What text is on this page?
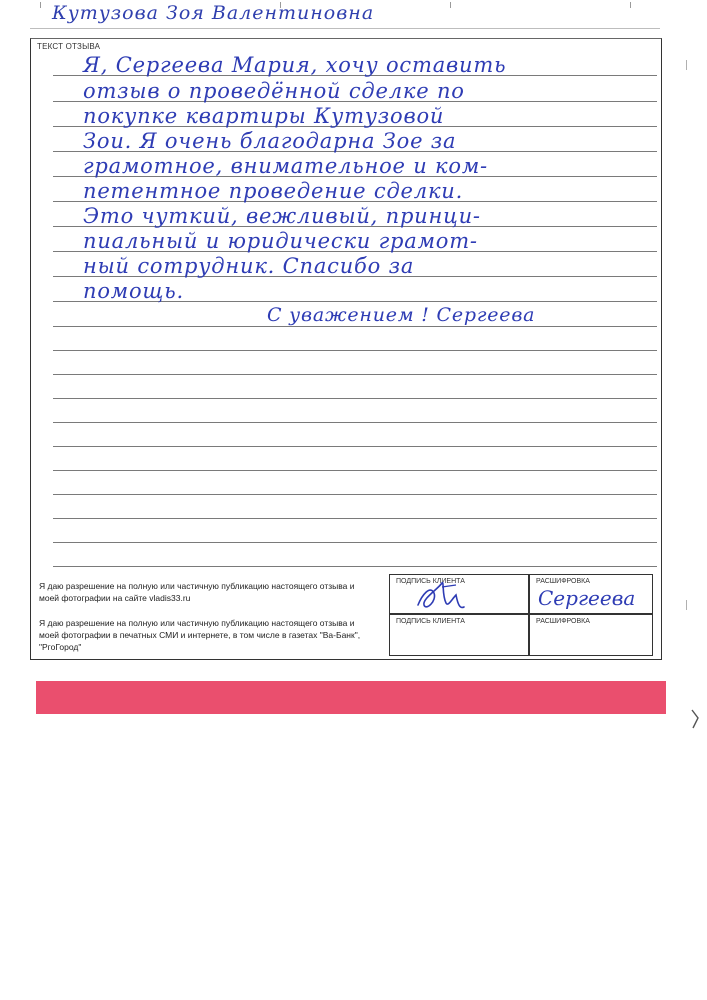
Кутузова Зоя Валентиновна
ТЕКСТ ОТЗЫВА
Я, Сергеева Мария, хочу оставить
отзыв о проведённой сделке по
покупке квартиры Кутузовой
Зои. Я очень благодарна Зое за
грамотное, внимательное и ком-
петентное проведение сделки.
Это чуткий, вежливый, принци-
пиальный и юридически грамот-
ный сотрудник. Спасибо за
помощь.
С уважением ! Сергеева
Я даю разрешение на полную или частичную публикацию настоящего отзыва и моей фотографии на сайте vladis33.ru
Я даю разрешение на полную или частичную публикацию настоящего отзыва и моей фотографии в печатных СМИ и интернете, в том числе в газетах "Ва-Банк", "РгоГород"
ПОДПИСЬ КЛИЕНТА	РАСШИФРОВКА
Сергеева
ПОДПИСЬ КЛИЕНТА	РАСШИФРОВКА
